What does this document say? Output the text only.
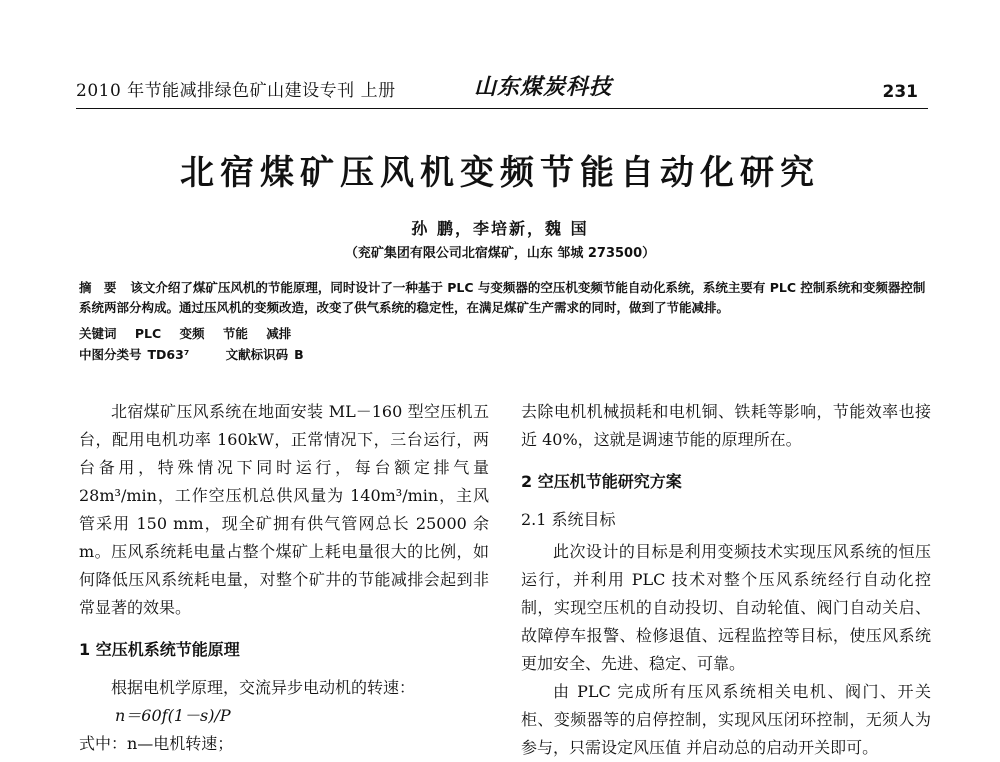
2010 年节能减排绿色矿山建设专刊 上册	山东煤炭科技	231
北宿煤矿压风机变频节能自动化研究
孙 鹏，李培新，魏 国
（兖矿集团有限公司北宿煤矿，山东 邹城 273500）
摘 要 该文介绍了煤矿压风机的节能原理，同时设计了一种基于 PLC 与变频器的空压机变频节能自动化系统，系统主要有 PLC 控制系统和变频器控制系统两部分构成。通过压风机的变频改造，改变了供气系统的稳定性，在满足煤矿生产需求的同时，做到了节能减排。
关键词 PLC 变频 节能 减排
中图分类号 TD63⁷	文献标识码 B

北宿煤矿压风系统在地面安装 ML－160 型空压机五台，配用电机功率 160kW，正常情况下，三台运行，两台备用，特殊情况下同时运行，每台额定排气量 28m³/min，工作空压机总供风量为 140m³/min，主风管采用 150 mm，现全矿拥有供气管网总长 25000 余 m。压风系统耗电量占整个煤矿上耗电量很大的比例，如何降低压风系统耗电量，对整个矿井的节能减排会起到非常显著的效果。

1 空压机系统节能原理

根据电机学原理，交流异步电动机的转速：

n＝60f(1－s)/P

式中：n—电机转速；

去除电机机械损耗和电机铜、铁耗等影响，节能效率也接近 40%，这就是调速节能的原理所在。

2 空压机节能研究方案
2.1 系统目标

此次设计的目标是利用变频技术实现压风系统的恒压运行，并利用 PLC 技术对整个压风系统经行自动化控制，实现空压机的自动投切、自动轮值、阀门自动关启、故障停车报警、检修退值、远程监控等目标，使压风系统更加安全、先进、稳定、可靠。

由 PLC 完成所有压风系统相关电机、阀门、开关柜、变频器等的启停控制，实现风压闭环控制，无须人为参与，只需设定风压值 并启动总的启动开关即可。
